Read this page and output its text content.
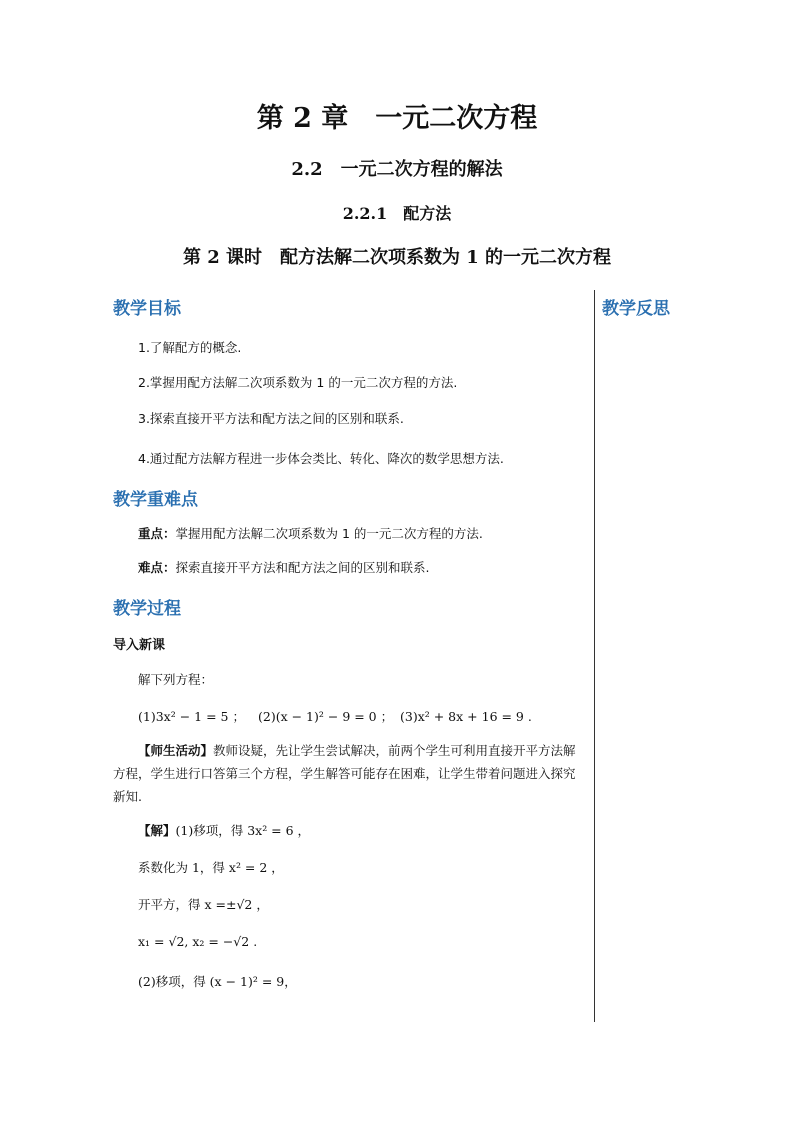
第 2 章　一元二次方程
2.2　一元二次方程的解法
2.2.1　配方法
第 2 课时　配方法解二次项系数为 1 的一元二次方程
教学反思
教学目标

1.了解配方的概念.

2.掌握用配方法解二次项系数为 1 的一元二次方程的方法.

3.探索直接开平方法和配方法之间的区别和联系.

4.通过配方法解方程进一步体会类比、转化、降次的数学思想方法.

教学重难点

重点：掌握用配方法解二次项系数为 1 的一元二次方程的方法.

难点：探索直接开平方法和配方法之间的区别和联系.

教学过程
导入新课

解下列方程：

(1)3x² − 1 = 5 ； (2)(x − 1)² − 9 = 0 ； (3)x² + 8x + 16 = 9 .

【师生活动】教师设疑，先让学生尝试解决，前两个学生可利用直接开平方法解方程，学生进行口答第三个方程，学生解答可能存在困难，让学生带着问题进入探究新知.

【解】(1)移项，得 3x² = 6 ，

系数化为 1，得 x² = 2 ，

开平方，得 x =±√2 ，

x₁ = √2, x₂ = −√2 .

(2)移项，得 (x − 1)² = 9，
